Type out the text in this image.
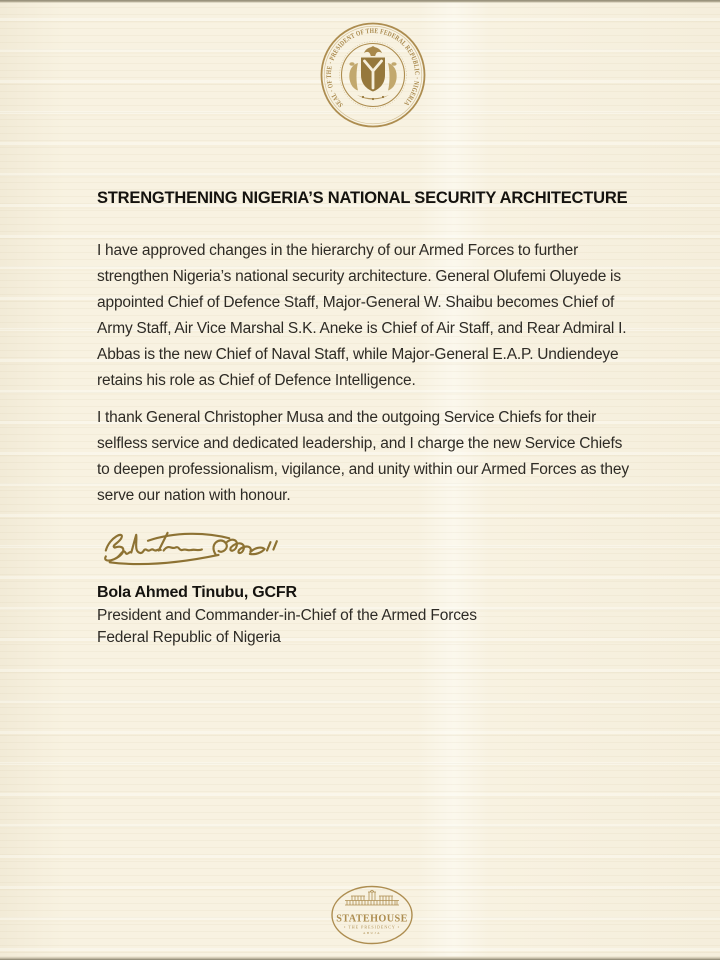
SEAL · OF THE · PRESIDENT OF THE FEDERAL REPUBLIC · NIGERIA
STRENGTHENING NIGERIA’S NATIONAL SECURITY ARCHITECTURE

I have approved changes in the hierarchy of our Armed Forces to further strengthen Nigeria’s national security architecture. General Olufemi Oluyede is appointed Chief of Defence Staff, Major-General W. Shaibu becomes Chief of Army Staff, Air Vice Marshal S.K. Aneke is Chief of Air Staff, and Rear Admiral I. Abbas is the new Chief of Naval Staff, while Major-General E.A.P. Undiendeye retains his role as Chief of Defence Intelligence.

I thank General Christopher Musa and the outgoing Service Chiefs for their selfless service and dedicated leadership, and I charge the new Service Chiefs to deepen professionalism, vigilance, and unity within our Armed Forces as they serve our nation with honour.

Bola Ahmed Tinubu, GCFR
President and Commander-in-Chief of the Armed Forces
Federal Republic of Nigeria
STATEHOUSE
• THE PRESIDENCY •
ABUJA
